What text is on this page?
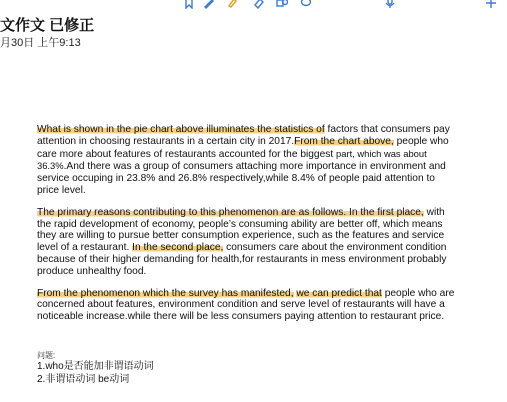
文作文 已修正
月30日 上午9:13

What is shown in the pie chart above illuminates the statistics of factors that consumers pay attention in choosing restaurants in a certain city in 2017.From the chart above, people who care more about features of restaurants accounted for the biggest part, which was about 36.3%.And there was a group of consumers attaching more importance in environment and service occuping in 23.8% and 26.8% respectively,while 8.4% of people paid attention to price level.

The primary reasons contributing to this phenomenon are as follows. In the first place, with the rapid development of economy, people’s consuming ability are better off, which means they are willing to pursue better consumption experience, such as the features and service level of a restaurant. In the second place, consumers care about the environment condition because of their higher demanding for health,for restaurants in mess environment probably produce unhealthy food.

From the phenomenon which the survey has manifested, we can predict that people who are concerned about features, environment condition and serve level of restaurants will have a noticeable increase.while there will be less consumers paying attention to restaurant price.

问题:
1.who是否能加非谓语动词
2.非谓语动词 be动词
